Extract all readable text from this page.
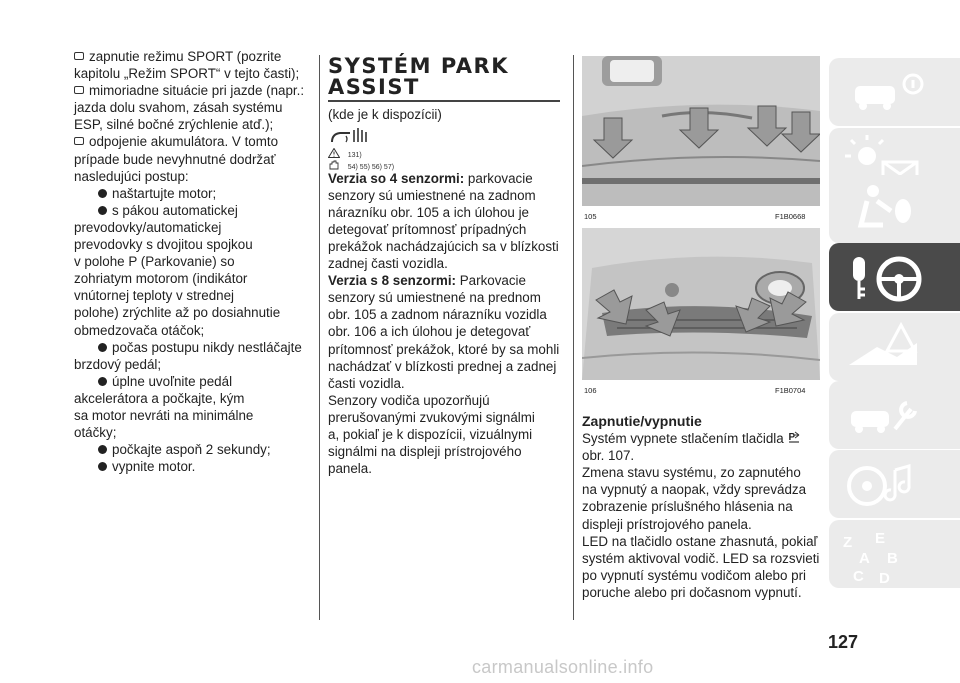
zapnutie režimu SPORT (pozrite
kapitolu „Režim SPORT“ v tejto časti);
mimoriadne situácie pri jazde (napr.:
jazda dolu svahom, zásah systému
ESP, silné bočné zrýchlenie atď.);
odpojenie akumulátora. V tomto
prípade bude nevyhnutné dodržať
nasledujúci postup:
naštartujte motor;
s pákou automatickej
prevodovky/automatickej
prevodovky s dvojitou spojkou
v polohe P (Parkovanie) so
zohriatym motorom (indikátor
vnútornej teploty v strednej
polohe) zrýchlite až po dosiahnutie
obmedzovača otáčok;
počas postupu nikdy nestláčajte
brzdový pedál;
úplne uvoľnite pedál
akcelerátora a počkajte, kým
sa motor nevráti na minimálne
otáčky;
počkajte aspoň 2 sekundy;
vypnite motor.
SYSTÉM PARK
ASSIST
(kde je k dispozícii)
131)
54) 55) 56) 57)
Verzia so 4 senzormi: parkovacie
senzory sú umiestnené na zadnom
nárazníku obr. 105 a ich úlohou je
detegovať prítomnosť prípadných
prekážok nachádzajúcich sa v blízkosti
zadnej časti vozidla.
Verzia s 8 senzormi: Parkovacie
senzory sú umiestnené na prednom
obr. 105 a zadnom nárazníku vozidla
obr. 106 a ich úlohou je detegovať
prítomnosť prekážok, ktoré by sa mohli
nachádzať v blízkosti prednej a zadnej
časti vozidla.
Senzory vodiča upozorňujú
prerušovanými zvukovými signálmi
a, pokiaľ je k dispozícii, vizuálnymi
signálmi na displeji prístrojového
panela.
105	F1B0668
106	F1B0704
Zapnutie/vypnutie
Systém vypnete stlačením tlačidla P
obr. 107.
Zmena stavu systému, zo zapnutého
na vypnutý a naopak, vždy sprevádza
zobrazenie príslušného hlásenia na
displeji prístrojového panela.
LED na tlačidlo ostane zhasnutá, pokiaľ
systém aktivoval vodič. LED sa rozsvieti
po vypnutí systému vodičom alebo pri
poruche alebo pri dočasnom vypnutí.
Z E
A B
C D
127
carmanualsonline.info
